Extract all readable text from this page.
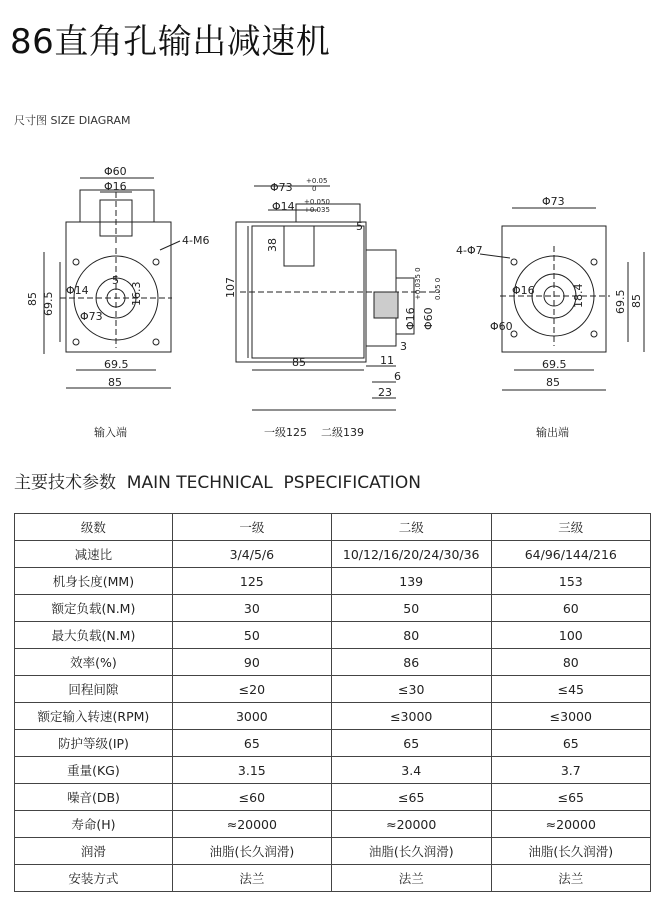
86直角孔输出减速机
尺寸图 SIZE DIAGRAM
Φ60
Φ16
4-M6
85 69.5
Φ14
Φ73
5
16.3
69.5
85
Φ73 +0.05
0
Φ14 +0.050
+0.035
5
38
107
85
Φ16
+0.035 0
Φ60
0.05 0
3
11
6
23
Φ73
4-Φ7
Φ16	18.4
Φ60
69.5 85
69.5
85
输入端	一级125    二级139	输出端
主要技术参数  MAIN TECHNICAL  PSPECIFICATION
级数	一级	二级	三级
减速比	3/4/5/6	10/12/16/20/24/30/36	64/96/144/216
机身长度(MM)	125	139	153
额定负载(N.M)	30	50	60
最大负载(N.M)	50	80	100
效率(%)	90	86	80
回程间隙	≤20	≤30	≤45
额定输入转速(RPM)	3000	≤3000	≤3000
防护等级(IP)	65	65	65
重量(KG)	3.15	3.4	3.7
噪音(DB)	≤60	≤65	≤65
寿命(H)	≈20000	≈20000	≈20000
润滑	油脂(长久润滑)	油脂(长久润滑)	油脂(长久润滑)
安装方式	法兰	法兰	法兰
